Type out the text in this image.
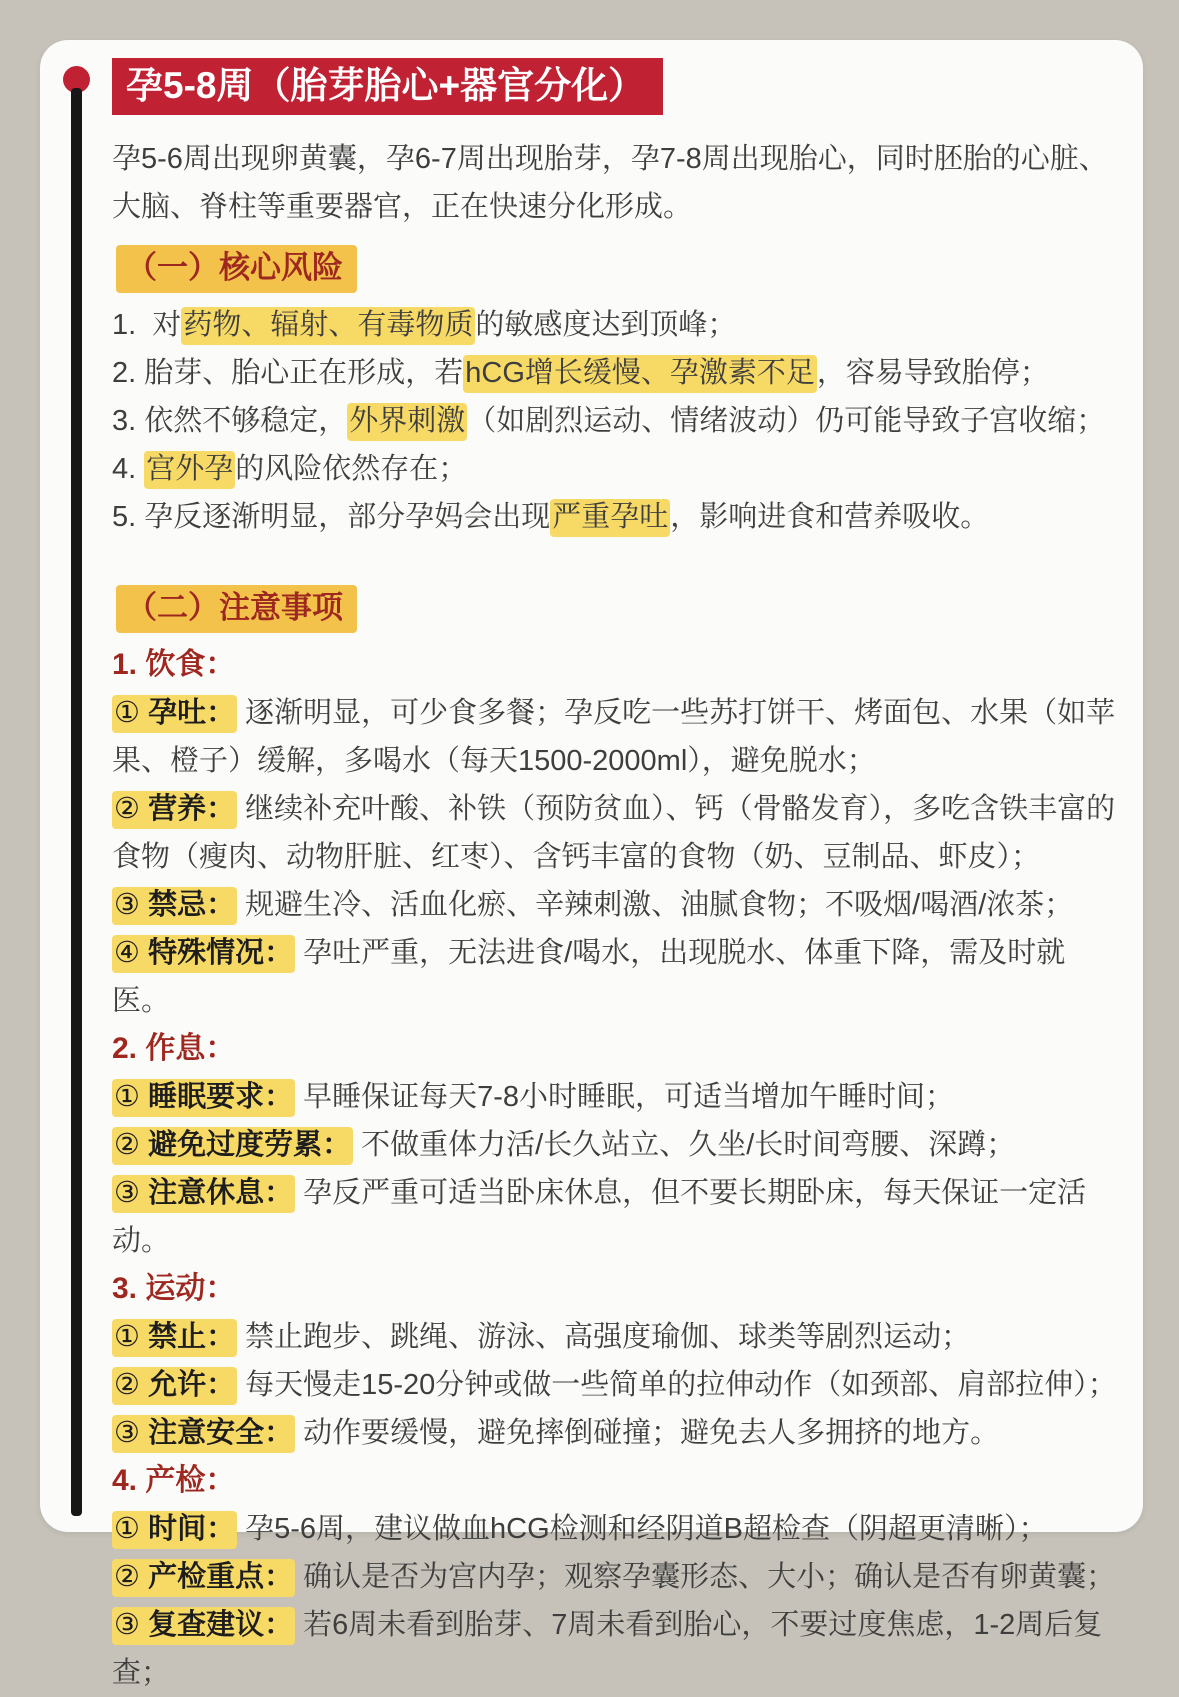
孕5-8周（胎芽胎心+器官分化）

孕5-6周出现卵黄囊，孕6-7周出现胎芽，孕7-8周出现胎心，同时胚胎的心脏、大脑、脊柱等重要器官，正在快速分化形成。

（一）核心风险
1.  对药物、辐射、有毒物质的敏感度达到顶峰；
2. 胎芽、胎心正在形成，若hCG增长缓慢、孕激素不足，容易导致胎停；
3. 依然不够稳定，外界刺激（如剧烈运动、情绪波动）仍可能导致子宫收缩；
4. 宫外孕的风险依然存在；
5. 孕反逐渐明显，部分孕妈会出现严重孕吐，影响进食和营养吸收。
（二）注意事项
1. 饮食：
① 孕吐： 逐渐明显，可少食多餐；孕反吃一些苏打饼干、烤面包、水果（如苹果、橙子）缓解，多喝水（每天1500-2000ml），避免脱水；
② 营养： 继续补充叶酸、补铁（预防贫血）、钙（骨骼发育），多吃含铁丰富的食物（瘦肉、动物肝脏、红枣）、含钙丰富的食物（奶、豆制品、虾皮）；
③ 禁忌： 规避生冷、活血化瘀、辛辣刺激、油腻食物；不吸烟/喝酒/浓茶；
④ 特殊情况： 孕吐严重，无法进食/喝水，出现脱水、体重下降，需及时就医。
2. 作息：
① 睡眠要求： 早睡保证每天7-8小时睡眠，可适当增加午睡时间；
② 避免过度劳累： 不做重体力活/长久站立、久坐/长时间弯腰、深蹲；
③ 注意休息： 孕反严重可适当卧床休息，但不要长期卧床，每天保证一定活动。
3. 运动：
① 禁止： 禁止跑步、跳绳、游泳、高强度瑜伽、球类等剧烈运动；
② 允许： 每天慢走15-20分钟或做一些简单的拉伸动作（如颈部、肩部拉伸）；
③ 注意安全： 动作要缓慢，避免摔倒碰撞；避免去人多拥挤的地方。
4. 产检：
① 时间： 孕5-6周，建议做血hCG检测和经阴道B超检查（阴超更清晰）；
② 产检重点： 确认是否为宫内孕；观察孕囊形态、大小；确认是否有卵黄囊；
③ 复查建议： 若6周未看到胎芽、7周未看到胎心，不要过度焦虑，1-2周后复查；
